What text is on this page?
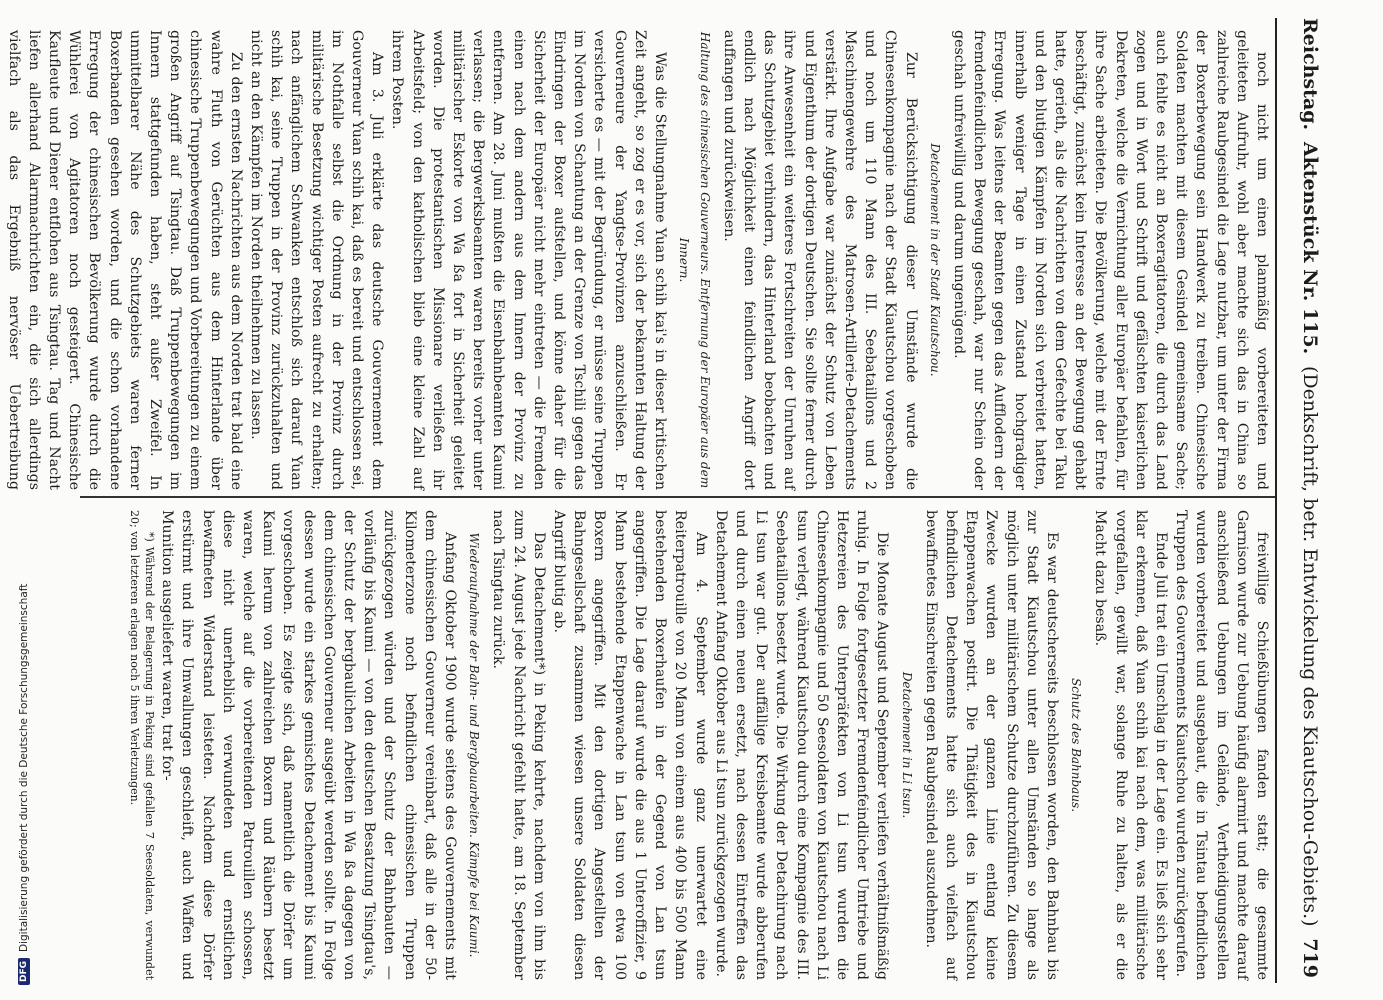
Reichstag.
Aktenstück Nr. 115.
(Denkschrift, betr. Entwickelung des Kiautschou-Gebiets.)
719

freiwillige Schießübungen fanden statt; die gesammte Garnison wurde zur Uebung häufig alarmirt und machte darauf anschließend Uebungen im Gelände, Vertheidigungsstellen wurden vorbereitet und ausgebaut, die in Tsintau befindlichen Truppen des Gouvernements Kiautschou wurden zurückgerufen.

Ende Juli trat ein Umschlag in der Lage ein. Es ließ sich sehr klar erkennen, daß Yuan schih kai nach dem, was militärische vorgefallen, gewillt war, solange Ruhe zu halten, als er die Macht dazu besaß.

Schutz des Bahnbaus.

Es war deutscherseits beschlossen worden, den Bahnbau bis zur Stadt Kiautschou unter allen Umständen so lange als möglich unter militärischem Schutze durchzuführen. Zu diesem Zwecke wurden an der ganzen Linie entlang kleine Etappenwachen postirt. Die Thätigkeit des in Kiautschou befindlichen Detachements hatte sich auch vielfach auf bewaffnetes Einschreiten gegen Raubgesindel auszudehnen.

Detachement in Li tsun.

Die Monate August und September verliefen verhältnißmäßig ruhig. In Folge fortgesetzter Fremdenfeindlicher Umtriebe und Hetzereien des Unterpräfekten von Li tsun wurden die Chinesenkompagnie und 50 Seesoldaten von Kiautschou nach Li tsun verlegt, während Kiautschou durch eine Kompagnie des III. Seebataillons besetzt wurde. Die Wirkung der Detachirung nach Li tsun war gut. Der auffällige Kreisbeamte wurde abberufen und durch einen neuen ersetzt, nach dessen Eintreffen das Detachement Anfang Oktober aus Li tsun zurückgezogen wurde.

Am 4. September wurde ganz unerwartet eine Reiterpatrouille von 20 Mann von einem aus 400 bis 500 Mann bestehenden Boxerhaufen in der Gegend von Lan tsun angegriffen. Die Lage darauf wurde die aus 1 Unteroffizier, 9 Mann bestehende Etappenwache in Lan tsun von etwa 100 Boxern angegriffen. Mit den dortigen Angestellten der Bahngesellschaft zusammen wiesen unsere Soldaten diesen Angriff blutig ab.

Das Detachement*) in Peking kehrte, nachdem von ihm bis zum 24. August jede Nachricht gefehlt hatte, am 18. September nach Tsingtau zurück.

Wiederaufnahme der Bahn- und Bergbauarbeiten. Kämpfe bei Kaumi.

Anfang Oktober 1900 wurde seitens des Gouvernements mit dem chinesischen Gouverneur vereinbart, daß alle in der 50-Kilometerzone noch befindlichen chinesischen Truppen zurückgezogen würden und der Schutz der Bahnbauten — vorläufig bis Kaumi — von den deutschen Besatzung Tsingtau's, der Schutz der bergbaulichen Arbeiten in Wa ßa dagegen von dem chinesischen Gouverneur ausgeübt werden sollte. In Folge dessen wurde ein starkes gemischtes Detachement bis Kaumi vorgeschoben. Es zeigte sich, daß namentlich die Dörfer um Kaumi herum von zahlreichen Boxern und Räubern besetzt waren, welche auf die vorbereitenden Patrouillen schossen, diese nicht unerheblich verwundeten und ernstlichen bewaffneten Widerstand leisteten. Nachdem diese Dörfer erstürmt und ihre Umwallungen geschleift, auch Waffen und Munition ausgeliefert waren, trat for-

*) Während der Belagerung in Peking sind gefallen 7 Seesoldaten, verwundet 20; von letzteren erlagen noch 5 ihren Verletzungen.

noch nicht um einen planmäßig vorbereiteten und geleiteten Aufruhr, wohl aber machte sich das in China so zahlreiche Raubgesindel die Lage nutzbar, um unter der Firma der Boxerbewegung sein Handwerk zu treiben. Chinesische Soldaten machten mit diesem Gesindel gemeinsame Sache; auch fehlte es nicht an Boxeragitatoren, die durch das Land zogen und in Wort und Schrift und gefälschten kaiserlichen Dekreten, welche die Vernichtung aller Europäer befahlen, für ihre Sache arbeiteten. Die Bevölkerung, welche mit der Ernte beschäftigt, zunächst kein Interesse an der Bewegung gehabt hatte, gerieth, als die Nachrichten von dem Gefechte bei Taku und den blutigen Kämpfen im Norden sich verbreitet hatten, innerhalb weniger Tage in einen Zustand hochgradiger Erregung. Was leitens der Beamten gegen das Aufflodern der fremdenfeindlichen Bewegung geschah, war nur Schein oder geschah unfreiwillig und darum ungenügend.

Detachement in der Stadt Kiautschou.

Zur Berücksichtigung dieser Umstände wurde die Chinesenkompagnie nach der Stadt Kiautschou vorgeschoben und noch um 110 Mann des III. Seebataillons und 2 Maschinengewehre des Matrosen-Artillerie-Detachements verstärkt. Ihre Aufgabe war zunächst der Schutz von Leben und Eigenthum der dortigen Deutschen. Sie sollte ferner durch ihre Anwesenheit ein weiteres Fortschreiten der Unruhen auf das Schutzgebiet verhindern, das Hinterland beobachten und endlich nach Möglichkeit einen feindlichen Angriff dort auffangen und zurückweisen.

Haltung des chinesischen Gouverneurs. Entfernung der Europäer aus dem Innern.

Was die Stellungnahme Yuan schih kai's in dieser kritischen Zeit angeht, so zog er es vor, sich der bekannten Haltung der Gouverneure der Yangtse-Provinzen anzuschließen. Er versicherte es — mit der Begründung, er müsse seine Truppen im Norden von Schantung an der Grenze von Tschili gegen das Eindringen der Boxer aufstellen, und könne daher für die Sicherheit der Europäer nicht mehr eintreten — die Fremden einen nach dem andern aus dem Innern der Provinz zu entfernen. Am 28. Juni mußten die Eisenbahnbeamten Kaumi verlassen; die Bergwerksbeamten waren bereits vorher unter militärischer Eskorte von Wa ßa fort in Sicherheit geleitet worden. Die protestantischen Missionare verließen ihr Arbeitsfeld; von den katholischen blieb eine kleine Zahl auf ihrem Posten.

Am 3. Juli erklärte das deutsche Gouvernement dem Gouverneur Yuan schih kai, daß es bereit und entschlossen sei, im Nothfalle selbst die Ordnung in der Provinz durch militärische Besetzung wichtiger Posten aufrecht zu erhalten; nach anfänglichem Schwanken entschloß sich darauf Yuan schih kai, seine Truppen in der Provinz zurückzuhalten und nicht an den Kämpfen im Norden theilnehmen zu lassen.

Zu den ernsten Nachrichten aus dem Norden trat bald eine wahre Fluth von Gerüchten aus dem Hinterlande über chinesische Truppenbewegungen und Vorbereitungen zu einem großen Angriff auf Tsingtau. Daß Truppenbewegungen im Innern stattgefunden haben, steht außer Zweifel. In unmittelbarer Nähe des Schutzgebiets waren ferner Boxerbanden gesehen worden, und die schon vorhandene Erregung der chinesischen Bevölkerung wurde durch die Wühlerei von Agitatoren noch gesteigert. Chinesische Kaufleute und Diener entflohen aus Tsingtau. Tag und Nacht liefen allerhand Alarmnachrichten ein, die sich allerdings vielfach als das Ergebniß nervöser Uebertreibung

DFGDigitalisierung gefördert durch die Deutsche Forschungsgemeinschaft
